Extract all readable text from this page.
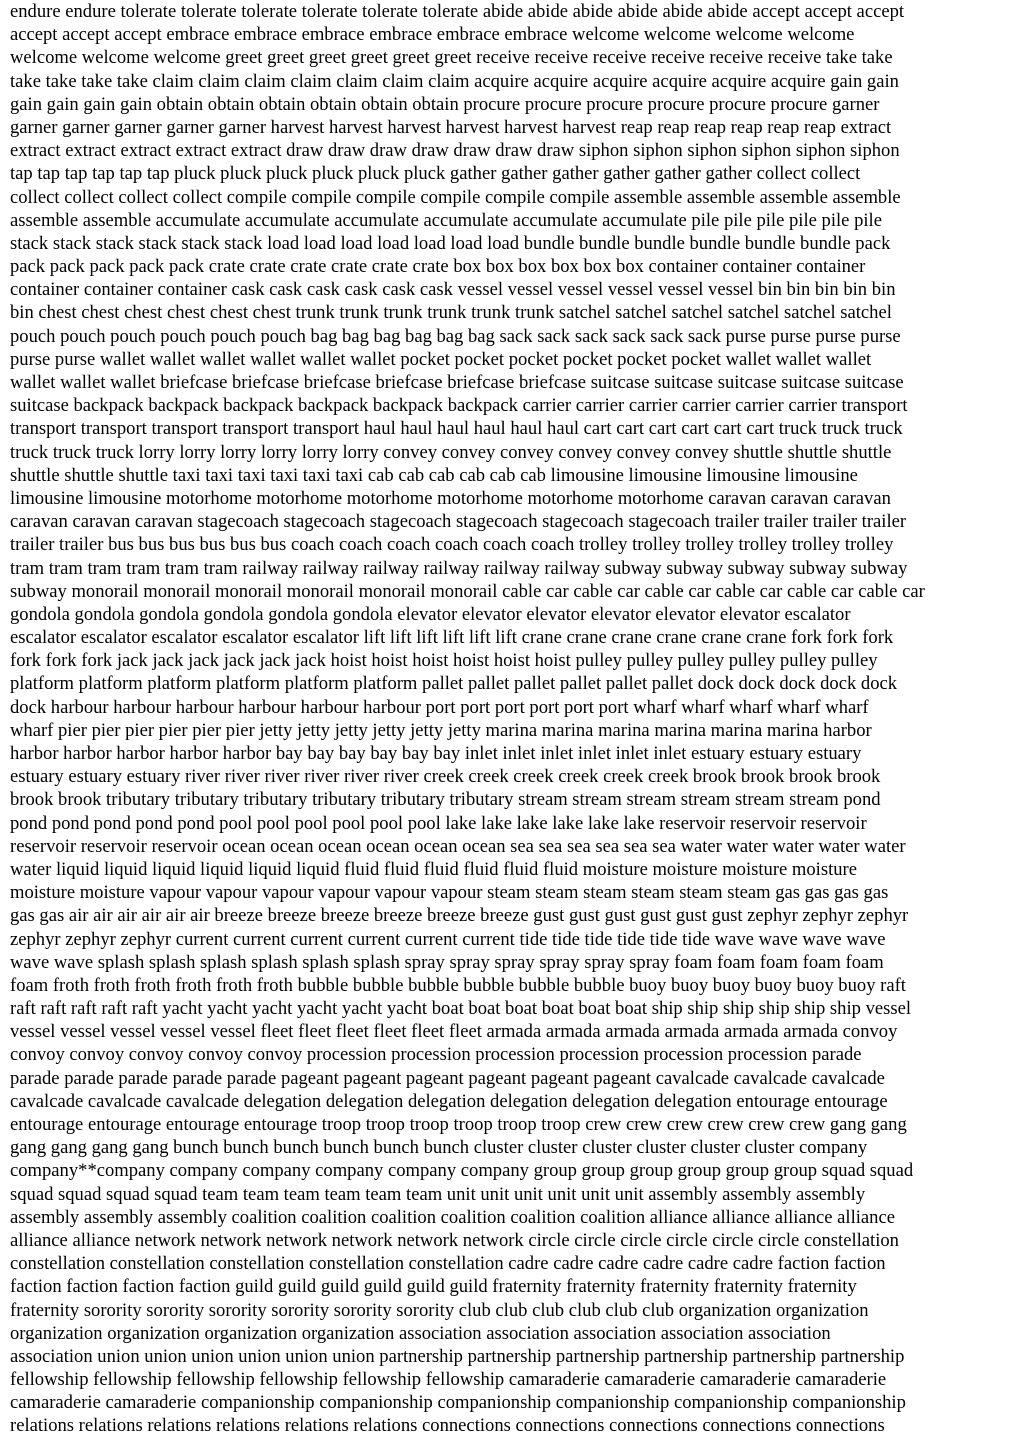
endure endure tolerate tolerate tolerate tolerate tolerate tolerate abide abide abide abide abide abide accept accept accept
accept accept accept embrace embrace embrace embrace embrace embrace welcome welcome welcome welcome
welcome welcome welcome greet greet greet greet greet greet receive receive receive receive receive receive take take
take take take take claim claim claim claim claim claim claim acquire acquire acquire acquire acquire acquire gain gain
gain gain gain gain obtain obtain obtain obtain obtain obtain procure procure procure procure procure procure garner
garner garner garner garner garner harvest harvest harvest harvest harvest harvest reap reap reap reap reap reap extract
extract extract extract extract extract draw draw draw draw draw draw draw siphon siphon siphon siphon siphon siphon
tap tap tap tap tap tap pluck pluck pluck pluck pluck pluck gather gather gather gather gather gather collect collect
collect collect collect collect compile compile compile compile compile compile assemble assemble assemble assemble
assemble assemble accumulate accumulate accumulate accumulate accumulate accumulate pile pile pile pile pile pile
stack stack stack stack stack stack load load load load load load load bundle bundle bundle bundle bundle bundle pack
pack pack pack pack pack crate crate crate crate crate crate box box box box box box container container container
container container container cask cask cask cask cask cask vessel vessel vessel vessel vessel vessel bin bin bin bin bin
bin chest chest chest chest chest chest trunk trunk trunk trunk trunk trunk satchel satchel satchel satchel satchel satchel
pouch pouch pouch pouch pouch pouch bag bag bag bag bag bag sack sack sack sack sack sack purse purse purse purse
purse purse wallet wallet wallet wallet wallet wallet pocket pocket pocket pocket pocket pocket wallet wallet wallet
wallet wallet wallet briefcase briefcase briefcase briefcase briefcase briefcase suitcase suitcase suitcase suitcase suitcase
suitcase backpack backpack backpack backpack backpack backpack carrier carrier carrier carrier carrier carrier transport
transport transport transport transport transport haul haul haul haul haul haul cart cart cart cart cart cart truck truck truck
truck truck truck lorry lorry lorry lorry lorry lorry convey convey convey convey convey convey shuttle shuttle shuttle
shuttle shuttle shuttle taxi taxi taxi taxi taxi taxi cab cab cab cab cab cab limousine limousine limousine limousine
limousine limousine motorhome motorhome motorhome motorhome motorhome motorhome caravan caravan caravan
caravan caravan caravan stagecoach stagecoach stagecoach stagecoach stagecoach stagecoach trailer trailer trailer trailer
trailer trailer bus bus bus bus bus bus coach coach coach coach coach coach trolley trolley trolley trolley trolley trolley
tram tram tram tram tram tram railway railway railway railway railway railway subway subway subway subway subway
subway monorail monorail monorail monorail monorail monorail cable car cable car cable car cable car cable car cable car
gondola gondola gondola gondola gondola gondola elevator elevator elevator elevator elevator elevator escalator
escalator escalator escalator escalator escalator lift lift lift lift lift lift crane crane crane crane crane crane fork fork fork
fork fork fork jack jack jack jack jack jack hoist hoist hoist hoist hoist hoist pulley pulley pulley pulley pulley pulley
platform platform platform platform platform platform pallet pallet pallet pallet pallet pallet dock dock dock dock dock
dock harbour harbour harbour harbour harbour harbour port port port port port port wharf wharf wharf wharf wharf
wharf pier pier pier pier pier pier jetty jetty jetty jetty jetty jetty marina marina marina marina marina marina harbor
harbor harbor harbor harbor harbor bay bay bay bay bay bay inlet inlet inlet inlet inlet inlet estuary estuary estuary
estuary estuary estuary river river river river river river creek creek creek creek creek creek brook brook brook brook
brook brook tributary tributary tributary tributary tributary tributary stream stream stream stream stream stream pond
pond pond pond pond pond pool pool pool pool pool pool lake lake lake lake lake lake reservoir reservoir reservoir
reservoir reservoir reservoir ocean ocean ocean ocean ocean ocean sea sea sea sea sea sea water water water water water
water liquid liquid liquid liquid liquid liquid fluid fluid fluid fluid fluid fluid moisture moisture moisture moisture
moisture moisture vapour vapour vapour vapour vapour vapour steam steam steam steam steam steam gas gas gas gas
gas gas air air air air air air breeze breeze breeze breeze breeze breeze gust gust gust gust gust gust zephyr zephyr zephyr
zephyr zephyr zephyr current current current current current current tide tide tide tide tide tide wave wave wave wave
wave wave splash splash splash splash splash splash spray spray spray spray spray spray foam foam foam foam foam
foam froth froth froth froth froth froth bubble bubble bubble bubble bubble bubble buoy buoy buoy buoy buoy buoy raft
raft raft raft raft raft yacht yacht yacht yacht yacht yacht boat boat boat boat boat boat ship ship ship ship ship ship vessel
vessel vessel vessel vessel vessel fleet fleet fleet fleet fleet fleet armada armada armada armada armada armada convoy
convoy convoy convoy convoy convoy procession procession procession procession procession procession parade
parade parade parade parade parade pageant pageant pageant pageant pageant pageant cavalcade cavalcade cavalcade
cavalcade cavalcade cavalcade delegation delegation delegation delegation delegation delegation entourage entourage
entourage entourage entourage entourage troop troop troop troop troop troop crew crew crew crew crew crew gang gang
gang gang gang gang bunch bunch bunch bunch bunch bunch cluster cluster cluster cluster cluster cluster company
company**company company company company company company group group group group group group squad squad
squad squad squad squad team team team team team team unit unit unit unit unit unit assembly assembly assembly
assembly assembly assembly coalition coalition coalition coalition coalition coalition alliance alliance alliance alliance
alliance alliance network network network network network network circle circle circle circle circle circle constellation
constellation constellation constellation constellation constellation cadre cadre cadre cadre cadre cadre faction faction
faction faction faction faction guild guild guild guild guild guild fraternity fraternity fraternity fraternity fraternity
fraternity sorority sorority sorority sorority sorority sorority club club club club club club organization organization
organization organization organization organization association association association association association
association union union union union union union partnership partnership partnership partnership partnership partnership
fellowship fellowship fellowship fellowship fellowship fellowship camaraderie camaraderie camaraderie camaraderie
camaraderie camaraderie companionship companionship companionship companionship companionship companionship
relations relations relations relations relations relations connections connections connections connections connections
